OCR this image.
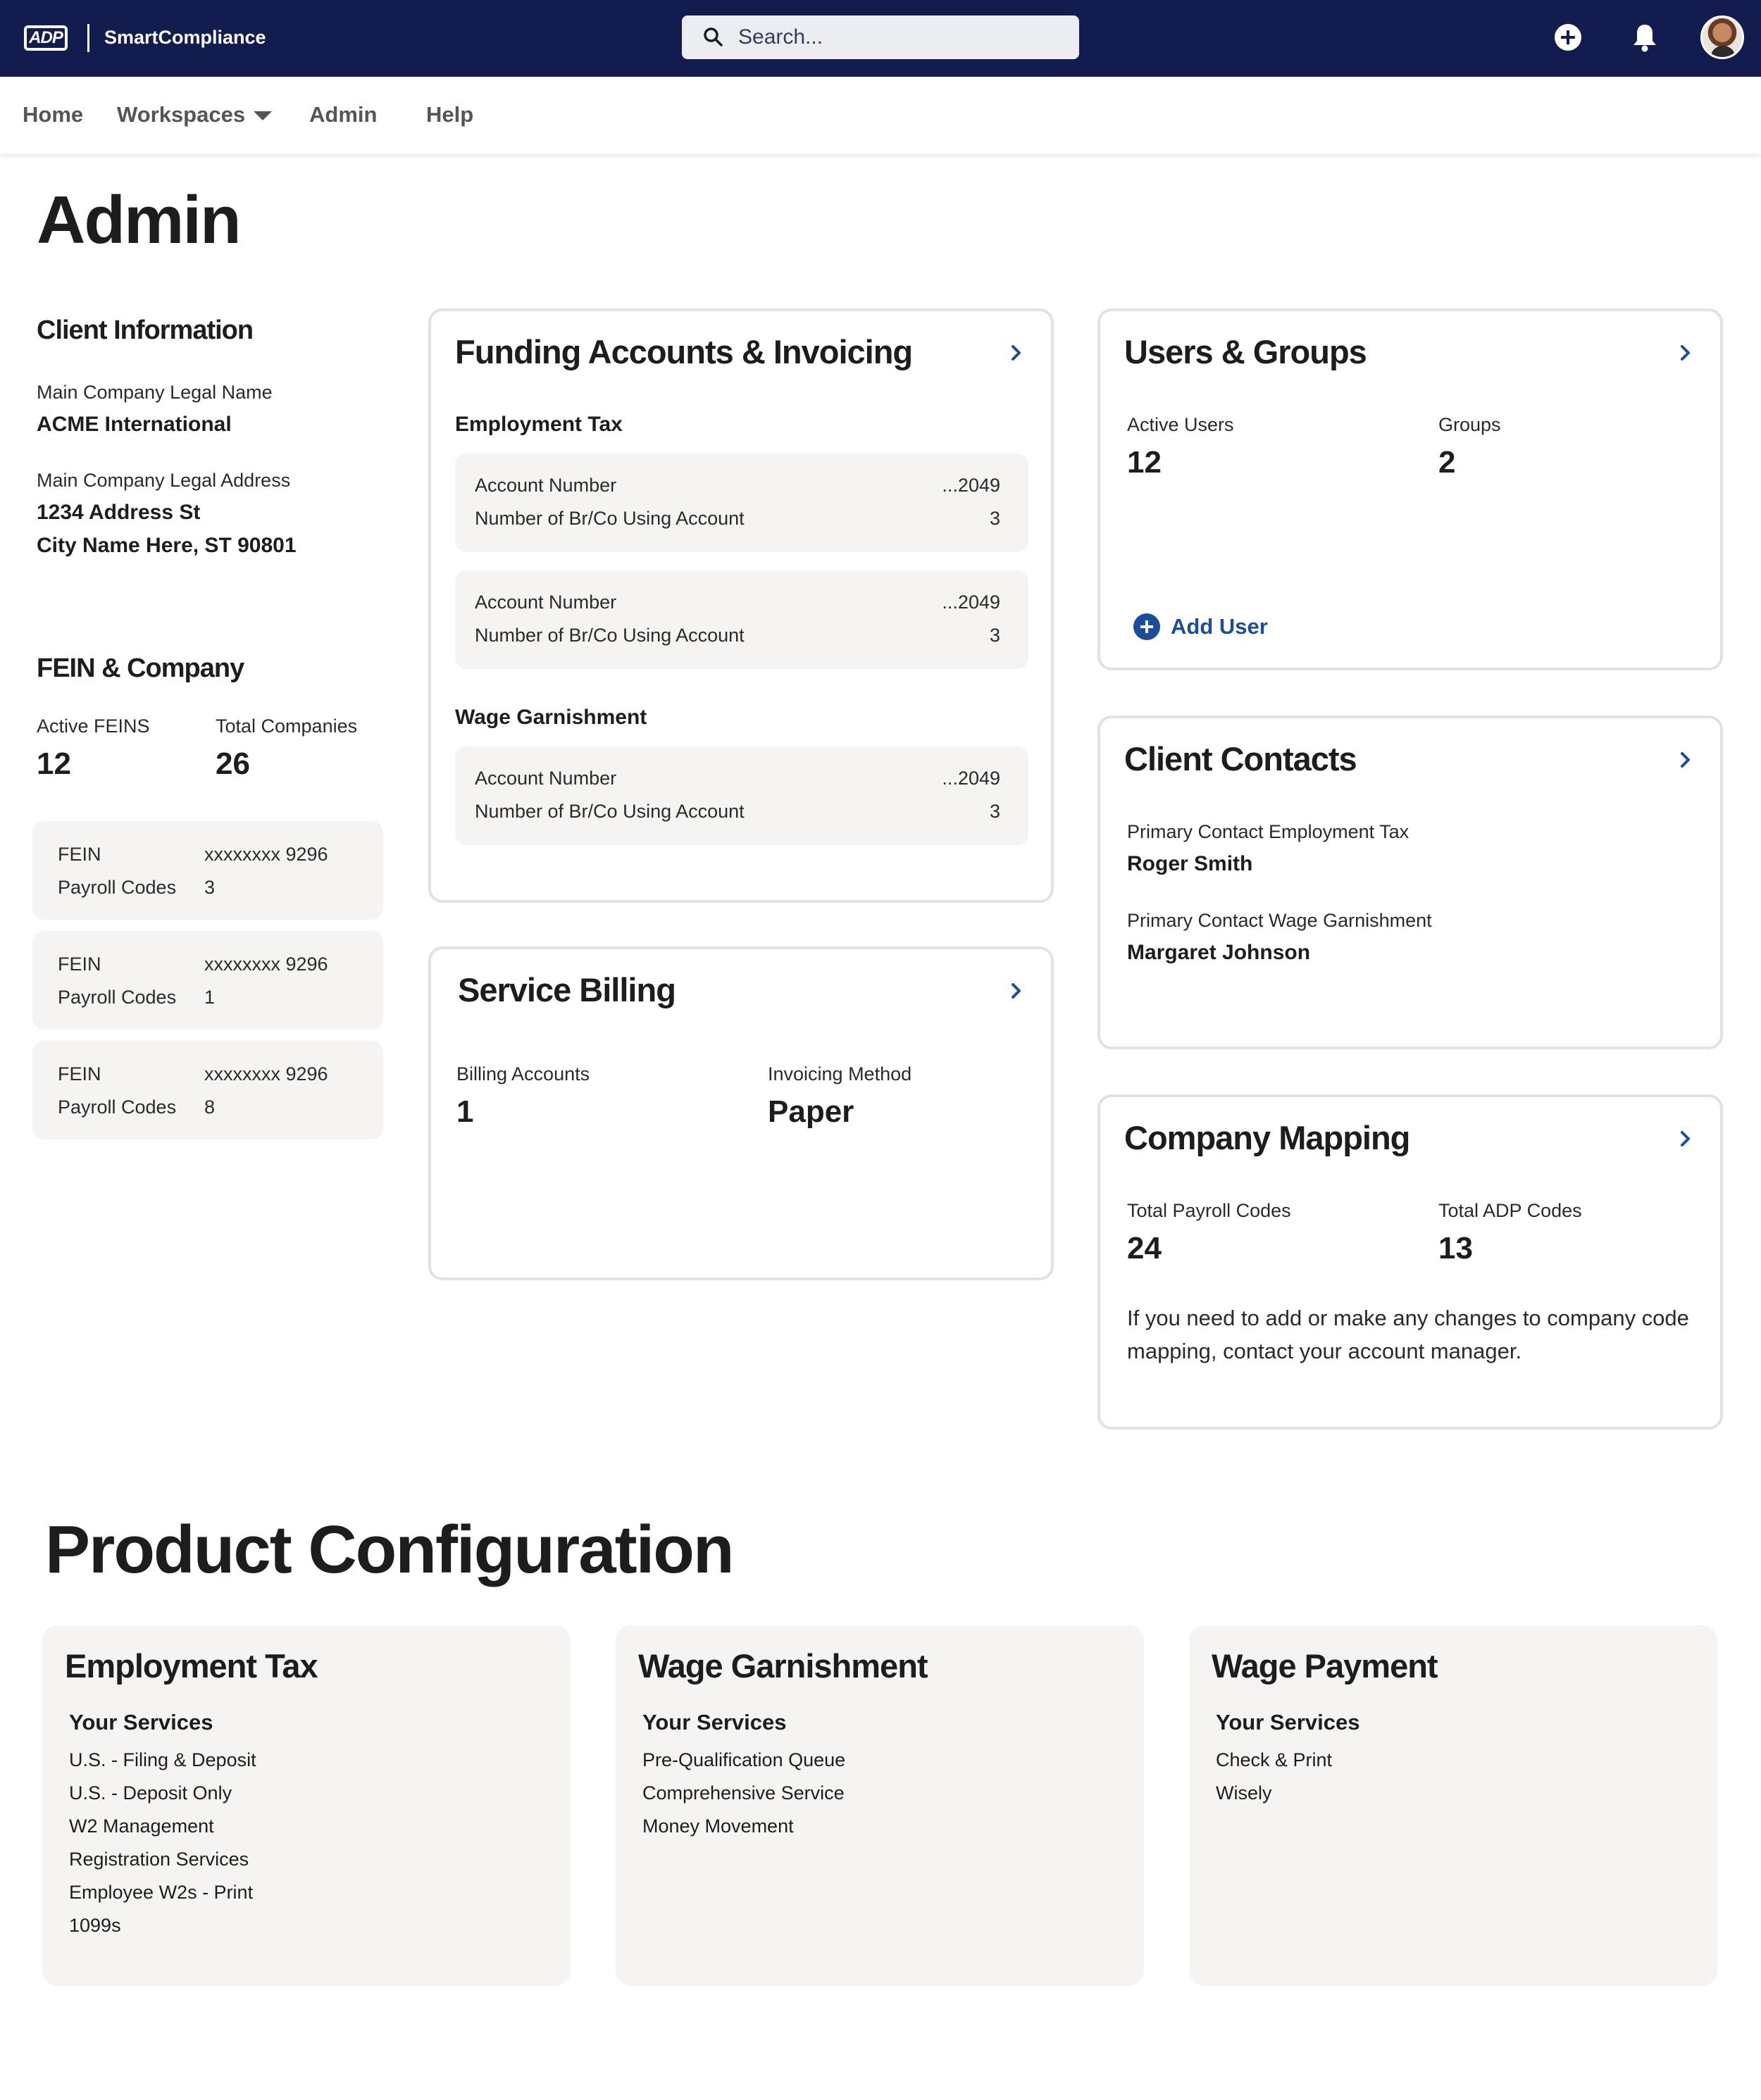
ADP SmartCompliance
Search...
Home Workspaces	Admin Help
Admin
Client Information
Main Company Legal Name
ACME International
Main Company Legal Address
1234 Address St
City Name Here, ST 90801
FEIN & Company
Active FEINS
12
Total Companies
26
FEIN	xxxxxxxx 9296
Payroll Codes 3
FEIN	xxxxxxxx 9296
Payroll Codes 1
FEIN	xxxxxxxx 9296
Payroll Codes 8
Funding Accounts & Invoicing
Employment Tax
Account Number	...2049
Number of Br/Co Using Account	3
Account Number	...2049
Number of Br/Co Using Account	3
Wage Garnishment
Account Number	...2049
Number of Br/Co Using Account	3
Service Billing
Billing Accounts
1
Invoicing Method
Paper
Users & Groups
Active Users
12
Groups
2
Add User
Client Contacts
Primary Contact Employment Tax
Roger Smith
Primary Contact Wage Garnishment
Margaret Johnson
Company Mapping
Total Payroll Codes
24
Total ADP Codes
13
If you need to add or make any changes to company code mapping, contact your account manager.
Product Configuration
Employment Tax
Your Services
U.S. - Filing & Deposit
U.S. - Deposit Only
W2 Management
Registration Services
Employee W2s - Print
1099s
Wage Garnishment
Your Services
Pre-Qualification Queue
Comprehensive Service
Money Movement
Wage Payment
Your Services
Check & Print
Wisely
